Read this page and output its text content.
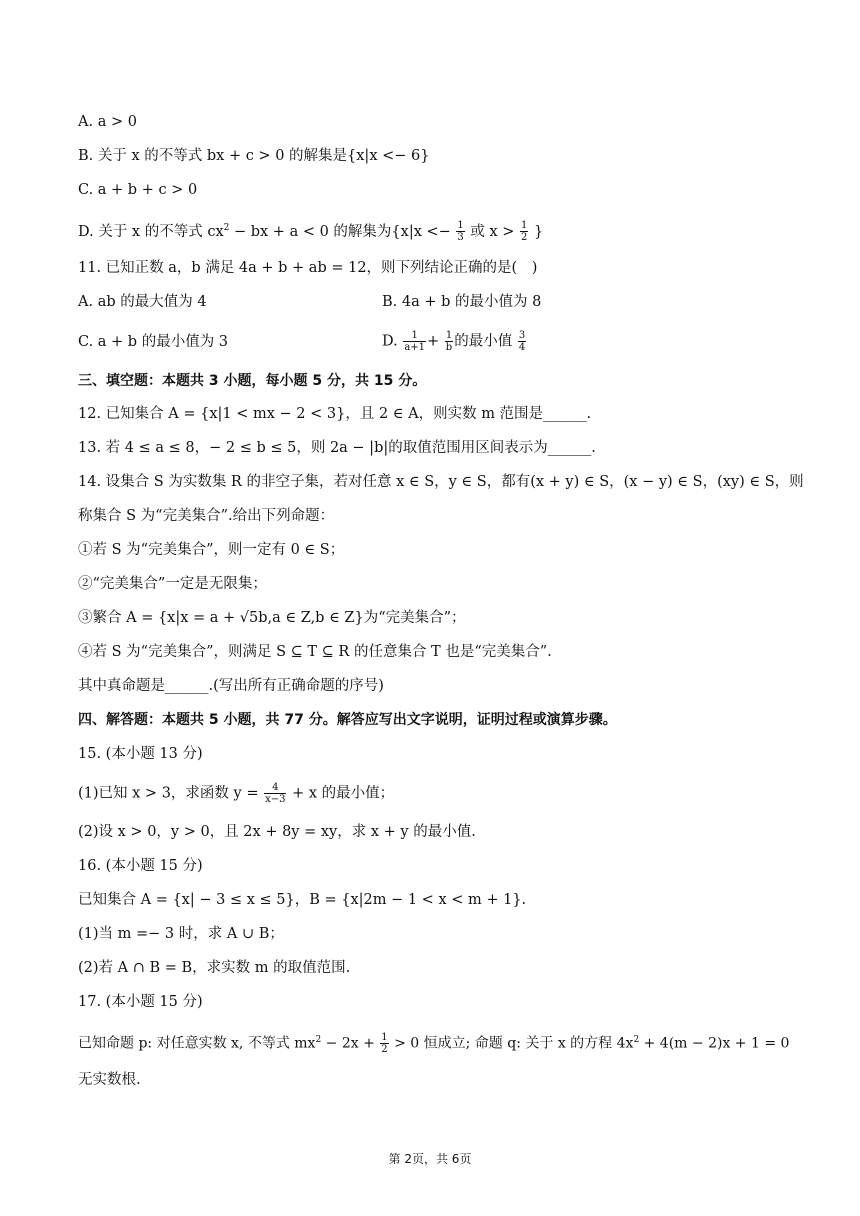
A. a > 0
B. 关于 x 的不等式 bx + c > 0 的解集是{x|x <− 6}
C. a + b + c > 0
D. 关于 x 的不等式 $cx^2$ − bx + a < 0 的解集为{$x|x <- \frac{1}{3}$ 或 $x > \frac{1}{2}$ }
11. 已知正数 a，b 满足 4a + b + ab = 12，则下列结论正确的是(　)
A. ab 的最大值为 4	B. 4a + b 的最小值为 8
C. a + b 的最小值为 3	D. $\frac{1}{a+1} + \frac{1}{b}$ 的最小值 $\frac{3}{4}$
三、填空题：本题共 3 小题，每小题 5 分，共 15 分。
12. 已知集合 A = {x|1 < mx − 2 < 3}，且 2 ∈ A，则实数 m 范围是______.
13. 若 4 ≤ a ≤ 8，− 2 ≤ b ≤ 5，则 2a − |b|的取值范围用区间表示为______.
14. 设集合 S 为实数集 R 的非空子集，若对任意 x ∈ S，y ∈ S，都有(x + y) ∈ S，(x − y) ∈ S，(xy) ∈ S，则
称集合 S 为“完美集合”.给出下列命题：
①若 S 为“完美集合”，则一定有 0 ∈ S；
②“完美集合”一定是无限集；
③繁合 A = {x|x = a + √5b,a ∈ Z,b ∈ Z}为“完美集合”；
④若 S 为“完美集合”，则满足 S ⊆ T ⊆ R 的任意集合 T 也是“完美集合”.
其中真命题是______.(写出所有正确命题的序号)
四、解答题：本题共 5 小题，共 77 分。解答应写出文字说明，证明过程或演算步骤。
15. (本小题 13 分)
(1)已知 x > 3，求函数 $y = \frac{4}{x-3} + x$ 的最小值；
(2)设 x > 0，y > 0，且 2x + 8y = xy，求 x + y 的最小值.
16. (本小题 15 分)
已知集合 A = {x| − 3 ≤ x ≤ 5}，B = {x|2m − 1 < x < m + 1}.
(1)当 m =− 3 时，求 A ∪ B；
(2)若 A ∩ B = B，求实数 m 的取值范围.
17. (本小题 15 分)
已知命题 p: 对任意实数 x, 不等式 $mx^2 - 2x + \frac{1}{2} > 0$ 恒成立; 命题 q: 关于 x 的方程 $4x^2 + 4(m - 2)x + 1 = 0$
无实数根.
第 2页，共 6页
